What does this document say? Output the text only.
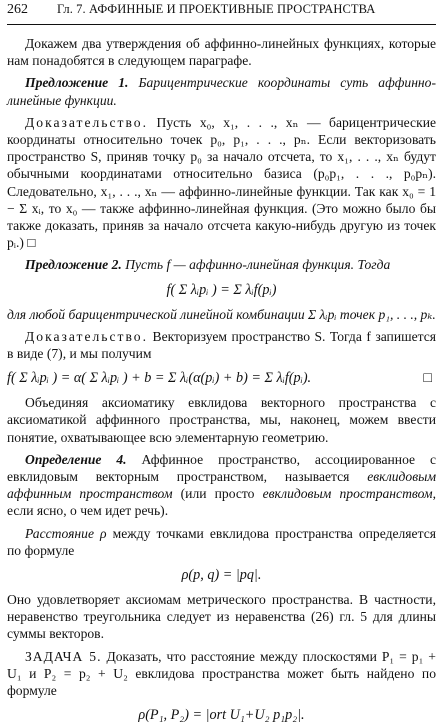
262	Гл. 7. АФФИННЫЕ И ПРОЕКТИВНЫЕ ПРОСТРАНСТВА

Докажем два утверждения об аффинно-линейных функциях, которые нам понадобятся в следующем параграфе.

Предложение 1. Барицентрические координаты суть аффинно-линейные функции.

Доказательство. Пусть x₀, x₁, . . ., xₙ — барицентрические координаты относительно точек p₀, p₁, . . ., pₙ. Если векторизовать пространство S, приняв точку p₀ за начало отсчета, то x₁, . . ., xₙ будут обычными координатами относительно базиса (p₀p₁, . . ., p₀pₙ). Следовательно, x₁, . . ., xₙ — аффинно-линейные функции. Так как x₀ = 1 − Σ xᵢ, то x₀ — также аффинно-линейная функция. (Это можно было бы также доказать, приняв за начало отсчета какую-нибудь другую из точек pᵢ.) □

Предложение 2. Пусть f — аффинно-линейная функция. Тогда

f( Σ λᵢpᵢ ) = Σ λᵢf(pᵢ)

для любой барицентрической линейной комбинации Σ λᵢpᵢ точек p₁, . . ., pₖ.

Доказательство. Векторизуем пространство S. Тогда f запишется в виде (7), и мы получим

f( Σ λᵢpᵢ ) = α( Σ λᵢpᵢ ) + b = Σ λᵢ(α(pᵢ) + b) = Σ λᵢf(pᵢ).	□

Объединяя аксиоматику евклидова векторного пространства с аксиоматикой аффинного пространства, мы, наконец, можем ввести понятие, охватывающее всю элементарную геометрию.

Определение 4. Аффинное пространство, ассоциированное с евклидовым векторным пространством, называется евклидовым аффинным пространством (или просто евклидовым пространством, если ясно, о чем идет речь).

Расстояние ρ между точками евклидова пространства определяется по формуле

ρ(p, q) = |pq|.

Оно удовлетворяет аксиомам метрического пространства. В частности, неравенство треугольника следует из неравенства (26) гл. 5 для длины суммы векторов.

ЗАДАЧА 5. Доказать, что расстояние между плоскостями P₁ = p₁ + U₁ и P₂ = p₂ + U₂ евклидова пространства может быть найдено по формуле

ρ(P₁, P₂) = |ort U₁+U₂ p₁p₂|.
